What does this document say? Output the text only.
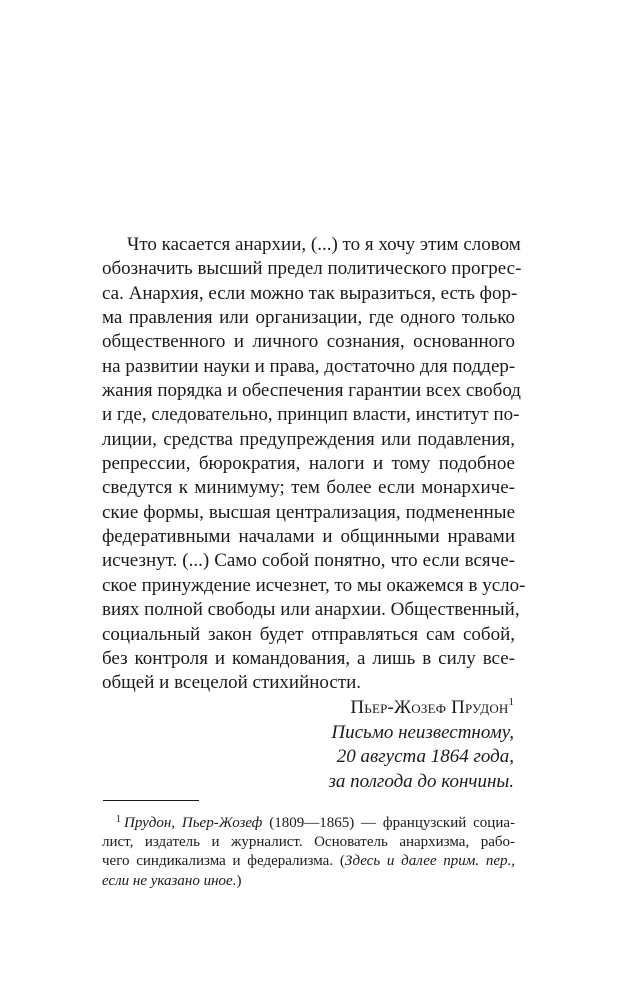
Что касается анархии, (...) то я хочу этим словом
обозначить высший предел политического прогрес-
са. Анархия, если можно так выразиться, есть фор-
ма правления или организации, где одного только
общественного и личного сознания, основанного
на развитии науки и права, достаточно для поддер-
жания порядка и обеспечения гарантии всех свобод
и где, следовательно, принцип власти, институт по-
лиции, средства предупреждения или подавления,
репрессии, бюрократия, налоги и тому подобное
сведутся к минимуму; тем более если монархиче-
ские формы, высшая централизация, подмененные
федеративными началами и общинными нравами
исчезнут. (...) Само собой понятно, что если всяче-
ское принуждение исчезнет, то мы окажемся в усло-
виях полной свободы или анархии. Общественный,
социальный закон будет отправляться сам собой,
без контроля и командования, а лишь в силу все-
общей и всецелой стихийности.
Пьер-Жозеф Прудон$^1$
Письмо неизвестному,
20 августа 1864 года,
за полгода до кончины.
$^1$ Прудон, Пьер-Жозеф (1809—1865) — французский социа-
лист, издатель и журналист. Основатель анархизма, рабо-
чего синдикализма и федерализма. (Здесь и далее прим. пер.,
если не указано иное.)
